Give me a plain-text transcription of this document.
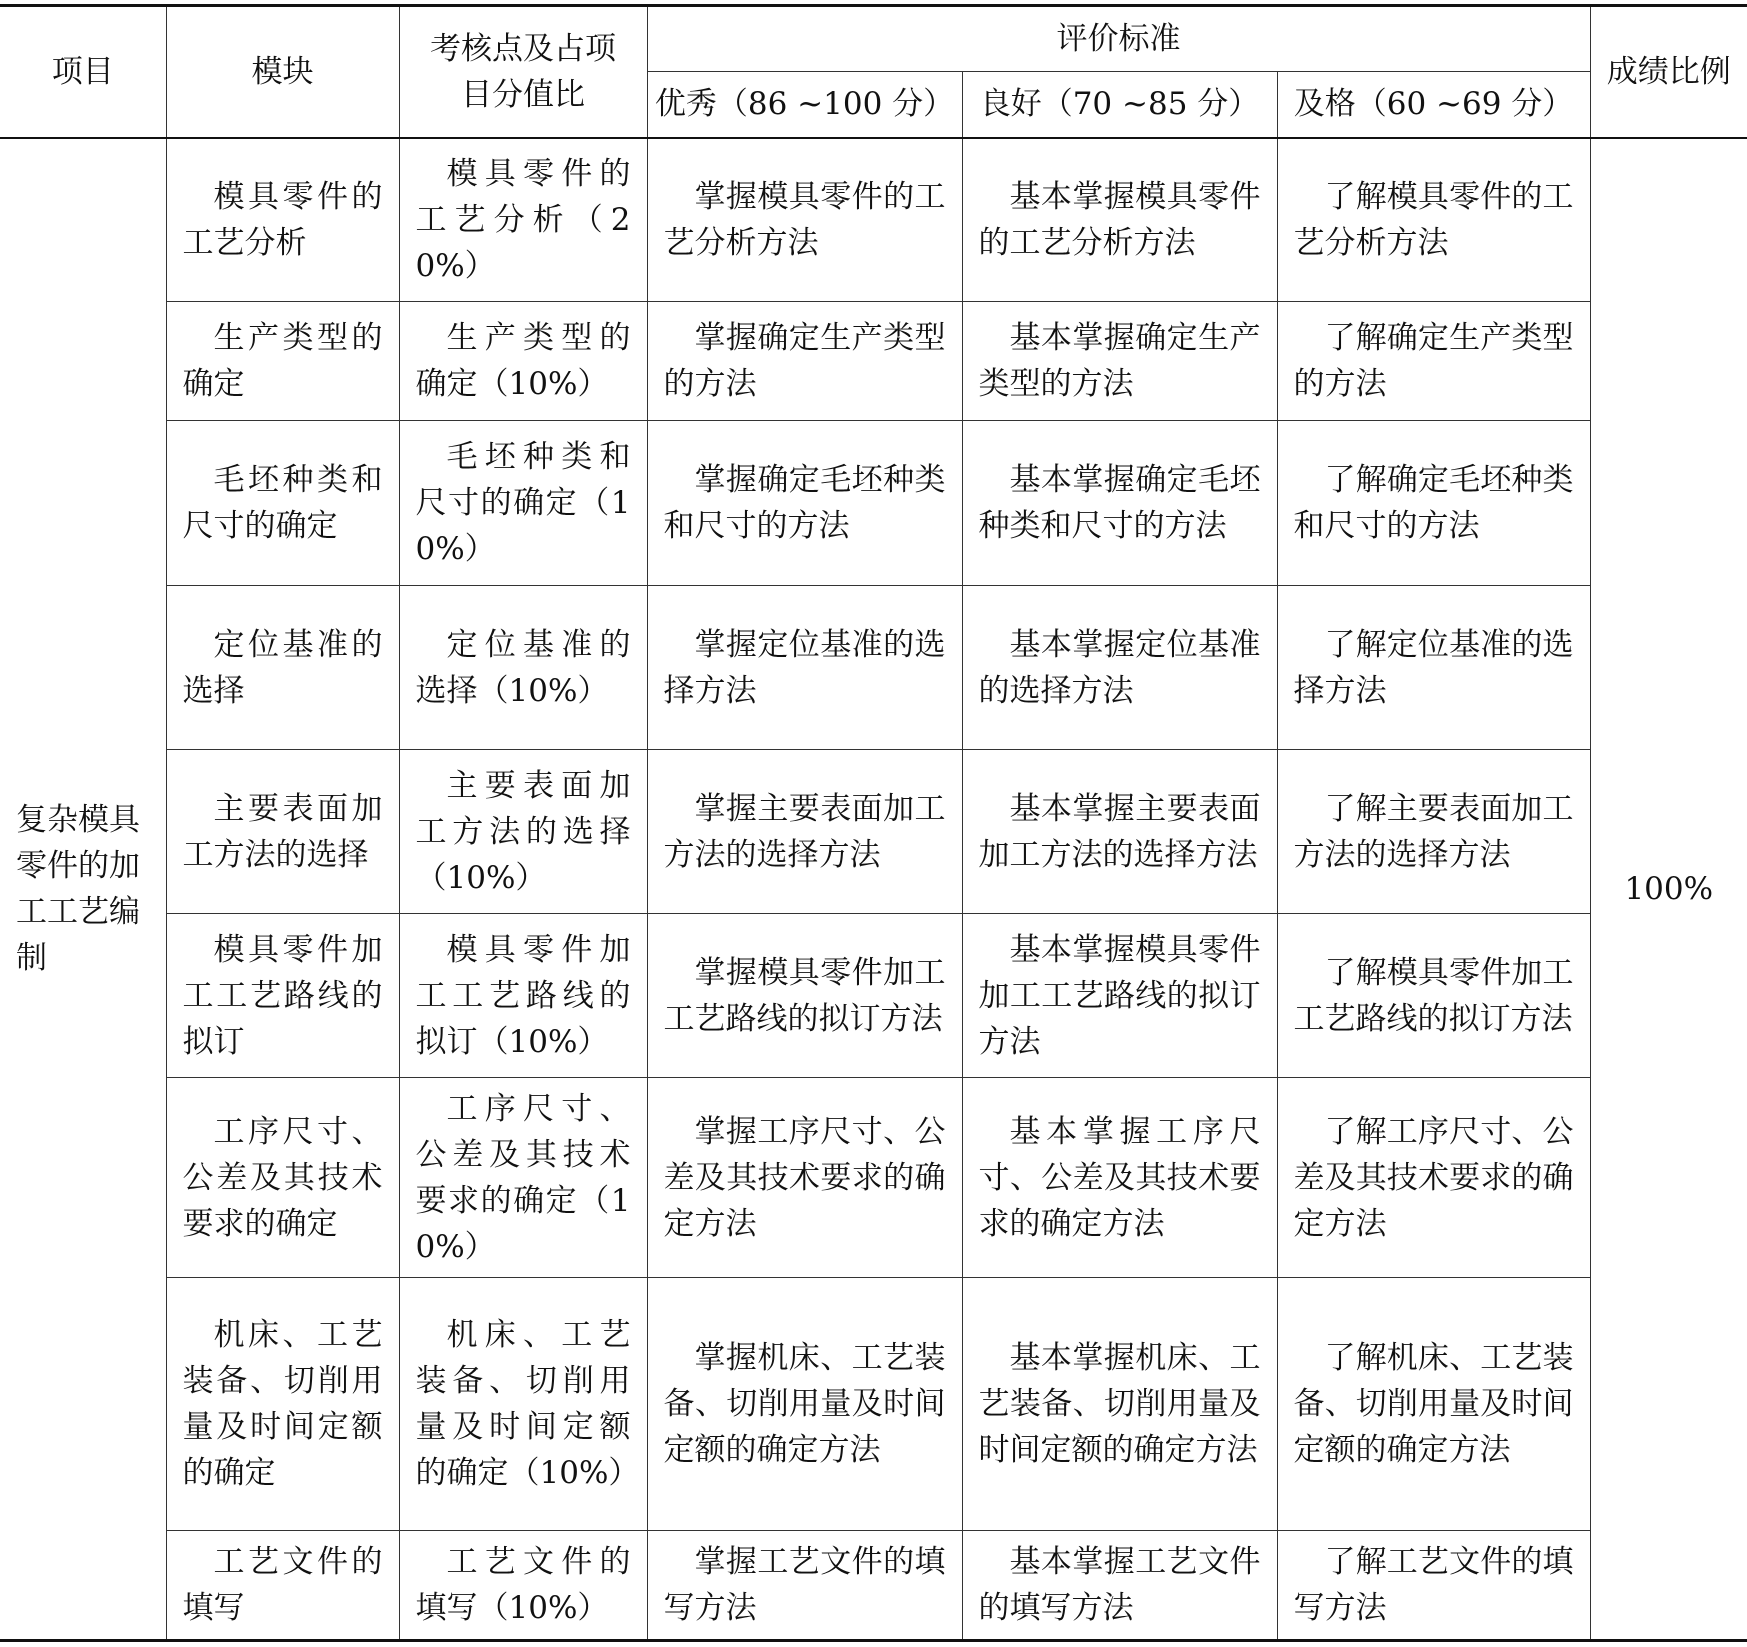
项目	模块	考核点及占项目分值比	评价标准			成绩比例
			优秀（86 ~100 分）	良好（70 ~85 分）	及格（60 ~69 分）	
复杂模具零件的加工工艺编制	模具零件的工艺分析	模具零件的工艺分析（20%）	掌握模具零件的工艺分析方法	基本掌握模具零件的工艺分析方法	了解模具零件的工艺分析方法	100%
	生产类型的确定	生产类型的确定（10%）	掌握确定生产类型的方法	基本掌握确定生产类型的方法	了解确定生产类型的方法	
	毛坯种类和尺寸的确定	毛坯种类和尺寸的确定（10%）	掌握确定毛坯种类和尺寸的方法	基本掌握确定毛坯种类和尺寸的方法	了解确定毛坯种类和尺寸的方法	
	定位基准的选择	定位基准的选择（10%）	掌握定位基准的选择方法	基本掌握定位基准的选择方法	了解定位基准的选择方法	
	主要表面加工方法的选择	主要表面加工方法的选择（10%）	掌握主要表面加工方法的选择方法	基本掌握主要表面加工方法的选择方法	了解主要表面加工方法的选择方法	
	模具零件加工工艺路线的拟订	模具零件加工工艺路线的拟订（10%）	掌握模具零件加工工艺路线的拟订方法	基本掌握模具零件加工工艺路线的拟订方法	了解模具零件加工工艺路线的拟订方法	
	工序尺寸、公差及其技术要求的确定	工序尺寸、公差及其技术要求的确定（10%）	掌握工序尺寸、公差及其技术要求的确定方法	基本掌握工序尺寸、公差及其技术要求的确定方法	了解工序尺寸、公差及其技术要求的确定方法	
	机床、工艺装备、切削用量及时间定额的确定	机床、工艺装备、切削用量及时间定额的确定（10%）	掌握机床、工艺装备、切削用量及时间定额的确定方法	基本掌握机床、工艺装备、切削用量及时间定额的确定方法	了解机床、工艺装备、切削用量及时间定额的确定方法	
	工艺文件的填写	工艺文件的填写（10%）	掌握工艺文件的填写方法	基本掌握工艺文件的填写方法	了解工艺文件的填写方法	
